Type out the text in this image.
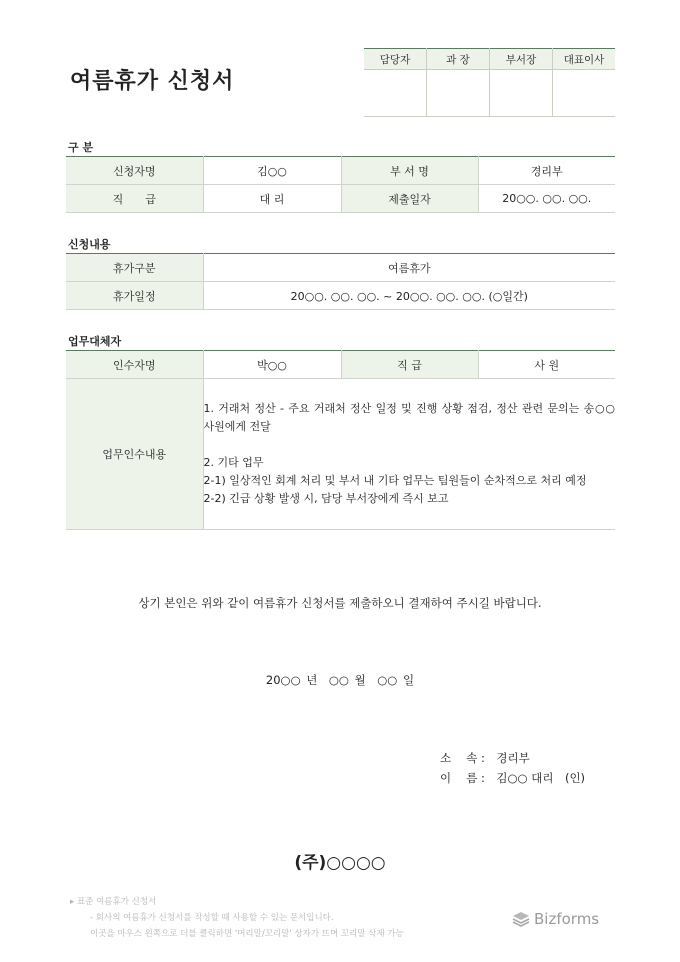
여름휴가 신청서
담당자	과 장	부서장	대표이사

구 분
신청자명	김○○	부 서 명	경리부
직　　급	대 리	제출일자	20○○. ○○. ○○.
신청내용
휴가구분	여름휴가
휴가일정	20○○. ○○. ○○. ~ 20○○. ○○. ○○. (○일간)
업무대체자
인수자명	박○○	직 급	사 원
업무인수내용	1. 거래처 정산 - 주요 거래처 정산 일정 및 진행 상황 점검, 정산 관련 문의는 송○○ 사원에게 전달
2. 기타 업무
2-1) 일상적인 회계 처리 및 부서 내 기타 업무는 팀원들이 순차적으로 처리 예정
2-2) 긴급 상황 발생 시, 담당 부서장에게 즉시 보고		
상기 본인은 위와 같이 여름휴가 신청서를 제출하오니 결재하여 주시길 바랍니다.
20○○ 년　○○ 월　○○ 일
소　 속 :　경리부
이　 름 :　김○○ 대리　(인)
(주)○○○○
▸ 표준 여름휴가 신청서
- 회사의 여름휴가 신청서를 작성할 때 사용할 수 있는 문서입니다.
이곳을 마우스 왼쪽으로 더블 클릭하면 '머리말/꼬리말' 상자가 뜨며 꼬리말 삭제 가능
Bizforms
